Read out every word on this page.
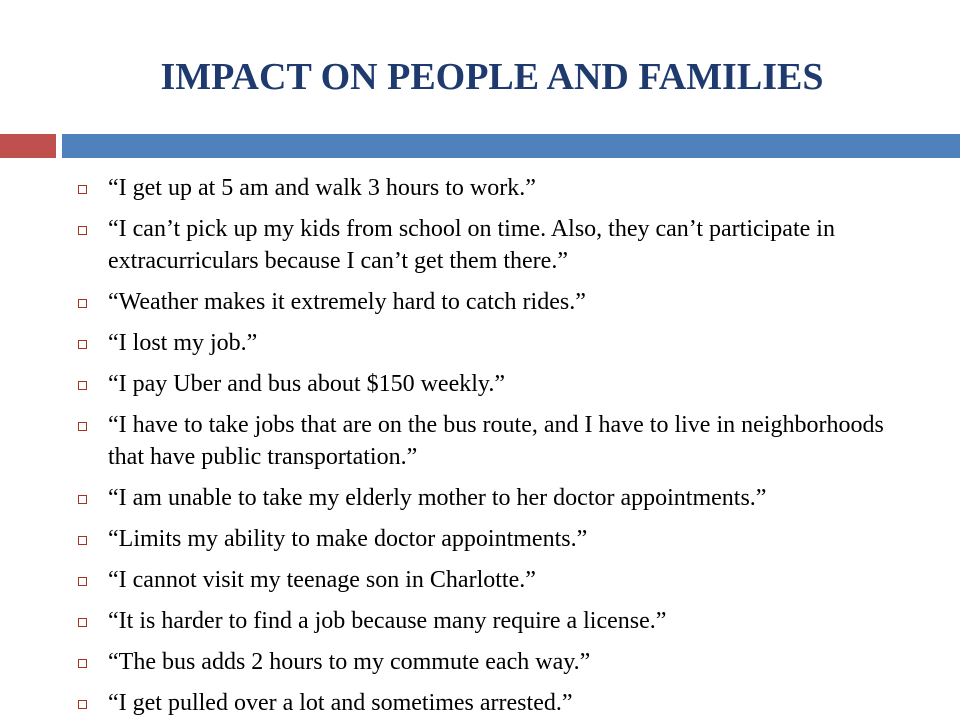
IMPACT ON PEOPLE AND FAMILIES
“I get up at 5 am and walk 3 hours to work.”
“I can’t pick up my kids from school on time. Also, they can’t participate in extracurriculars because I can’t get them there.”
“Weather makes it extremely hard to catch rides.”
“I lost my job.”
“I pay Uber and bus about $150 weekly.”
“I have to take jobs that are on the bus route, and I have to live in neighborhoods that have public transportation.”
“I am unable to take my elderly mother to her doctor appointments.”
“Limits my ability to make doctor appointments.”
“I cannot visit my teenage son in Charlotte.”
“It is harder to find a job because many require a license.”
“The bus adds 2 hours to my commute each way.”
“I get pulled over a lot and sometimes arrested.”
